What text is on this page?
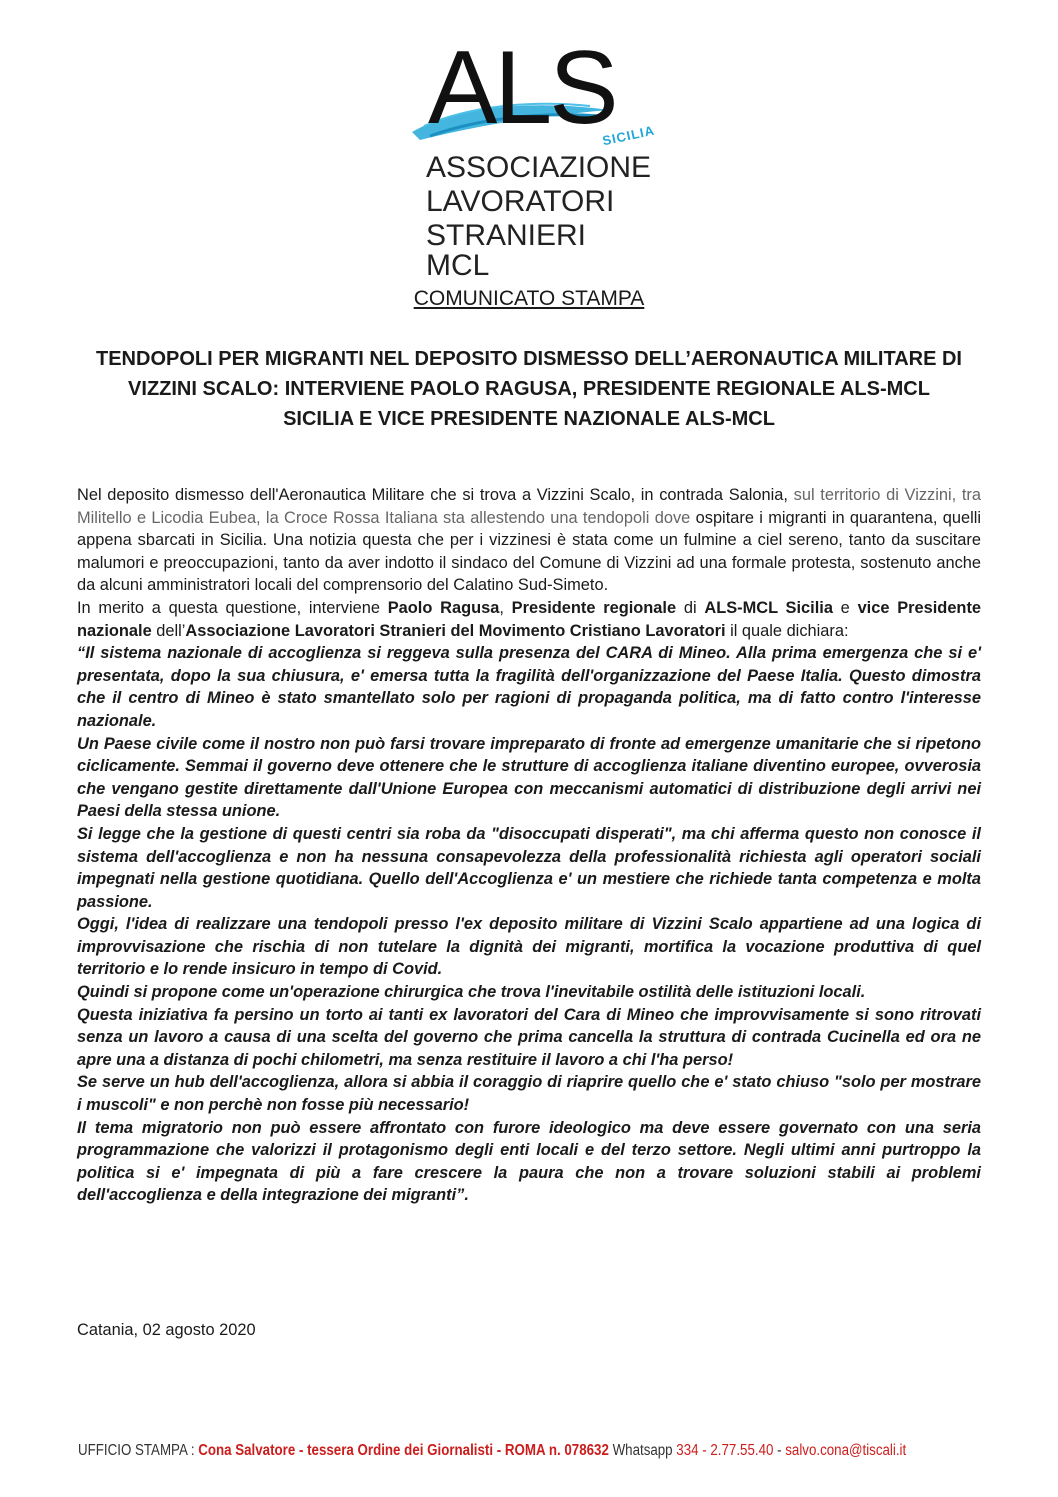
ALS
SICILIA
ASSOCIAZIONE
LAVORATORI
STRANIERI MCL
COMUNICATO STAMPA
TENDOPOLI PER MIGRANTI NEL DEPOSITO DISMESSO DELL’AERONAUTICA MILITARE DI VIZZINI SCALO: INTERVIENE PAOLO RAGUSA, PRESIDENTE REGIONALE ALS-MCL SICILIA E VICE PRESIDENTE NAZIONALE ALS-MCL

Nel deposito dismesso dell'Aeronautica Militare che si trova a Vizzini Scalo, in contrada Salonia, sul territorio di Vizzini, tra Militello e Licodia Eubea, la Croce Rossa Italiana sta allestendo una tendopoli dove ospitare i migranti in quarantena, quelli appena sbarcati in Sicilia. Una notizia questa che per i vizzinesi è stata come un fulmine a ciel sereno, tanto da suscitare malumori e preoccupazioni, tanto da aver indotto il sindaco del Comune di Vizzini ad una formale protesta, sostenuto anche da alcuni amministratori locali del comprensorio del Calatino Sud-Simeto.

In merito a questa questione, interviene Paolo Ragusa, Presidente regionale di ALS-MCL Sicilia e vice Presidente nazionale dell’Associazione Lavoratori Stranieri del Movimento Cristiano Lavoratori il quale dichiara:

“Il sistema nazionale di accoglienza si reggeva sulla presenza del CARA di Mineo. Alla prima emergenza che si e' presentata, dopo la sua chiusura, e' emersa tutta la fragilità dell'organizzazione del Paese Italia. Questo dimostra che il centro di Mineo è stato smantellato solo per ragioni di propaganda politica, ma di fatto contro l'interesse nazionale.

Un Paese civile come il nostro non può farsi trovare impreparato di fronte ad emergenze umanitarie che si ripetono ciclicamente. Semmai il governo deve ottenere che le strutture di accoglienza italiane diventino europee, ovverosia che vengano gestite direttamente dall'Unione Europea con meccanismi automatici di distribuzione degli arrivi nei Paesi della stessa unione.

Si legge che la gestione di questi centri sia roba da "disoccupati disperati", ma chi afferma questo non conosce il sistema dell'accoglienza e non ha nessuna consapevolezza della professionalità richiesta agli operatori sociali impegnati nella gestione quotidiana. Quello dell'Accoglienza e' un mestiere che richiede tanta competenza e molta passione.

Oggi, l'idea di realizzare una tendopoli presso l'ex deposito militare di Vizzini Scalo appartiene ad una logica di improvvisazione che rischia di non tutelare la dignità dei migranti, mortifica la vocazione produttiva di quel territorio e lo rende insicuro in tempo di Covid.

Quindi si propone come un'operazione chirurgica che trova l'inevitabile ostilità delle istituzioni locali.

Questa iniziativa fa persino un torto ai tanti ex lavoratori del Cara di Mineo che improvvisamente si sono ritrovati senza un lavoro a causa di una scelta del governo che prima cancella la struttura di contrada Cucinella ed ora ne apre una a distanza di pochi chilometri, ma senza restituire il lavoro a chi l'ha perso!

Se serve un hub dell'accoglienza, allora si abbia il coraggio di riaprire quello che e' stato chiuso "solo per mostrare i muscoli" e non perchè non fosse più necessario!

Il tema migratorio non può essere affrontato con furore ideologico ma deve essere governato con una seria programmazione che valorizzi il protagonismo degli enti locali e del terzo settore. Negli ultimi anni purtroppo la politica si e' impegnata di più a fare crescere la paura che non a trovare soluzioni stabili ai problemi dell'accoglienza e della integrazione dei migranti”.

Catania, 02 agosto 2020
UFFICIO STAMPA : Cona Salvatore - tessera Ordine dei Giornalisti - ROMA n. 078632 Whatsapp 334 - 2.77.55.40 - salvo.cona@tiscali.it
